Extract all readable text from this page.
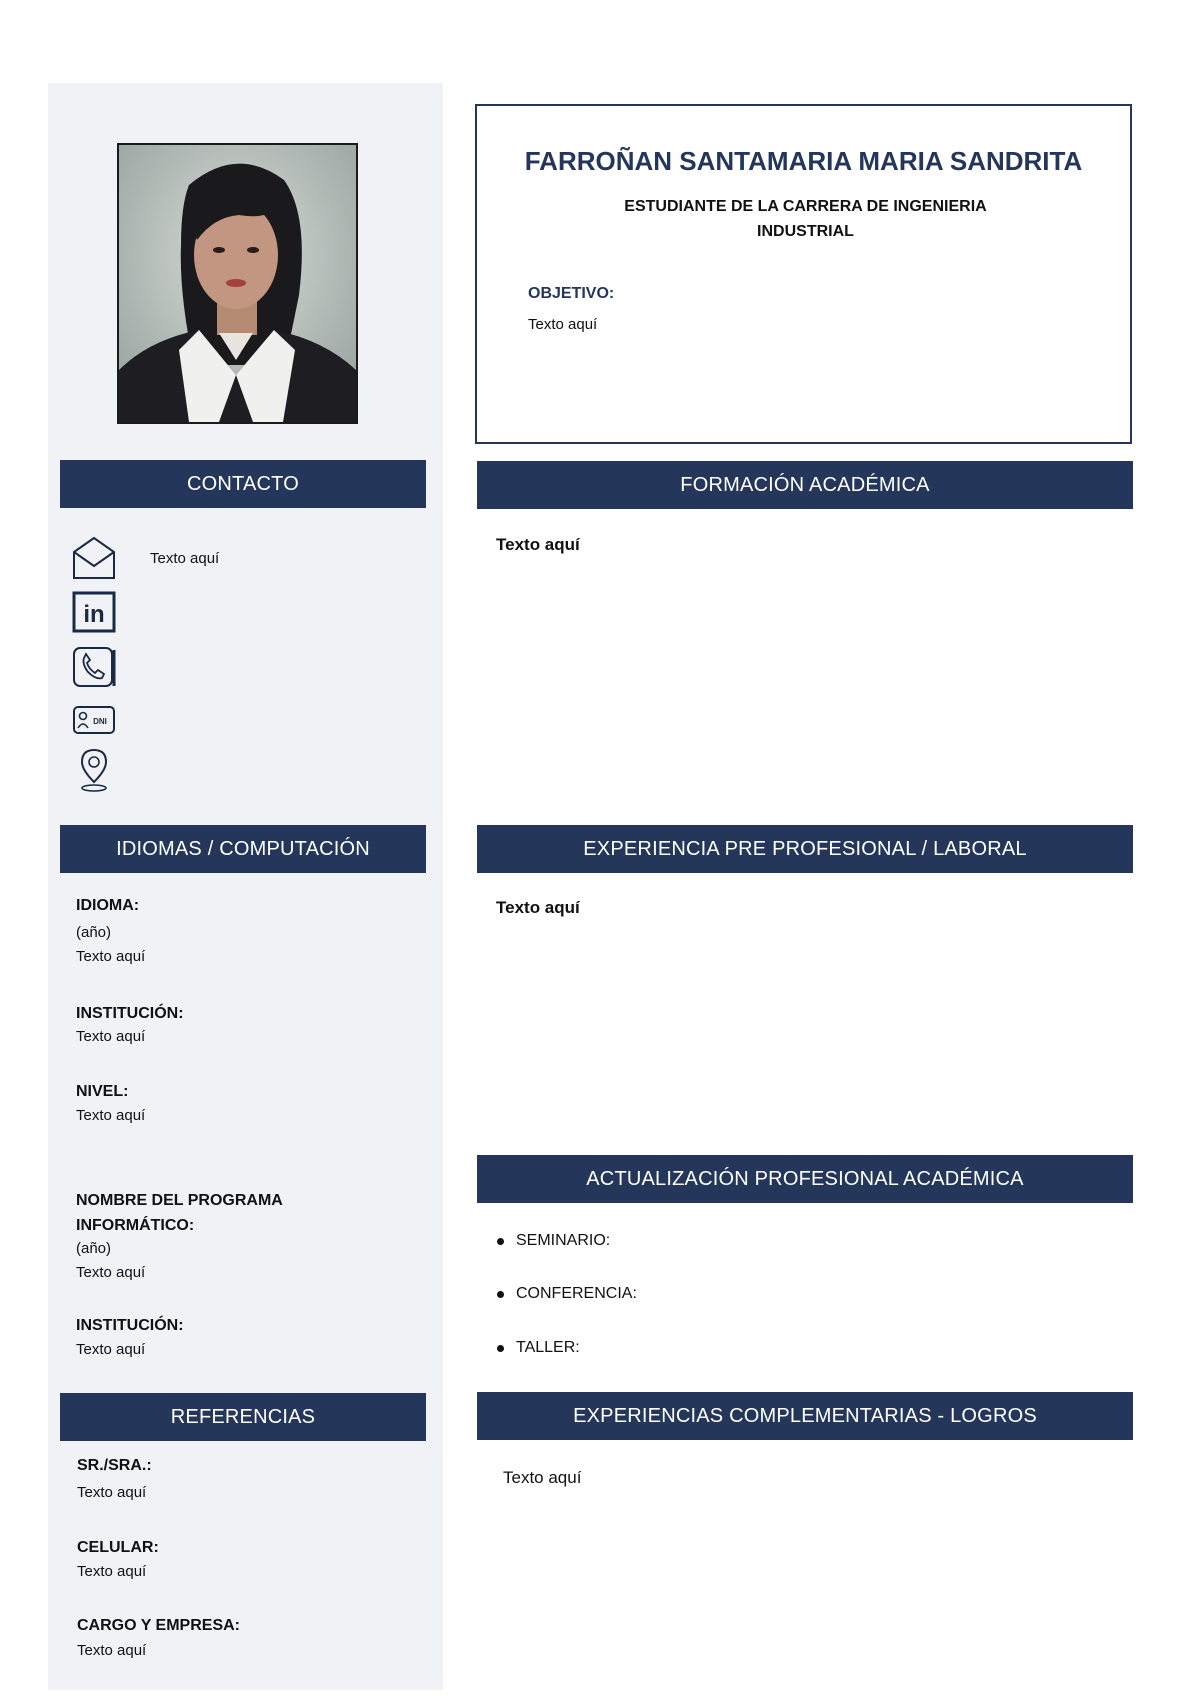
CONTACTO
Texto aquí
in
DNI
IDIOMAS / COMPUTACIÓN
IDIOMA:
(año)
Texto aquí
INSTITUCIÓN:
Texto aquí
NIVEL:
Texto aquí
NOMBRE DEL PROGRAMA
INFORMÁTICO:
(año)
Texto aquí
INSTITUCIÓN:
Texto aquí
REFERENCIAS
SR./SRA.:
Texto aquí
CELULAR:
Texto aquí
CARGO Y EMPRESA:
Texto aquí
FARROÑAN SANTAMARIA MARIA SANDRITA
ESTUDIANTE DE LA CARRERA DE INGENIERIA
INDUSTRIAL
OBJETIVO:
Texto aquí
FORMACIÓN ACADÉMICA
Texto aquí
EXPERIENCIA PRE PROFESIONAL / LABORAL
Texto aquí
ACTUALIZACIÓN PROFESIONAL ACADÉMICA
SEMINARIO:
CONFERENCIA:
TALLER:
EXPERIENCIAS COMPLEMENTARIAS - LOGROS
Texto aquí
